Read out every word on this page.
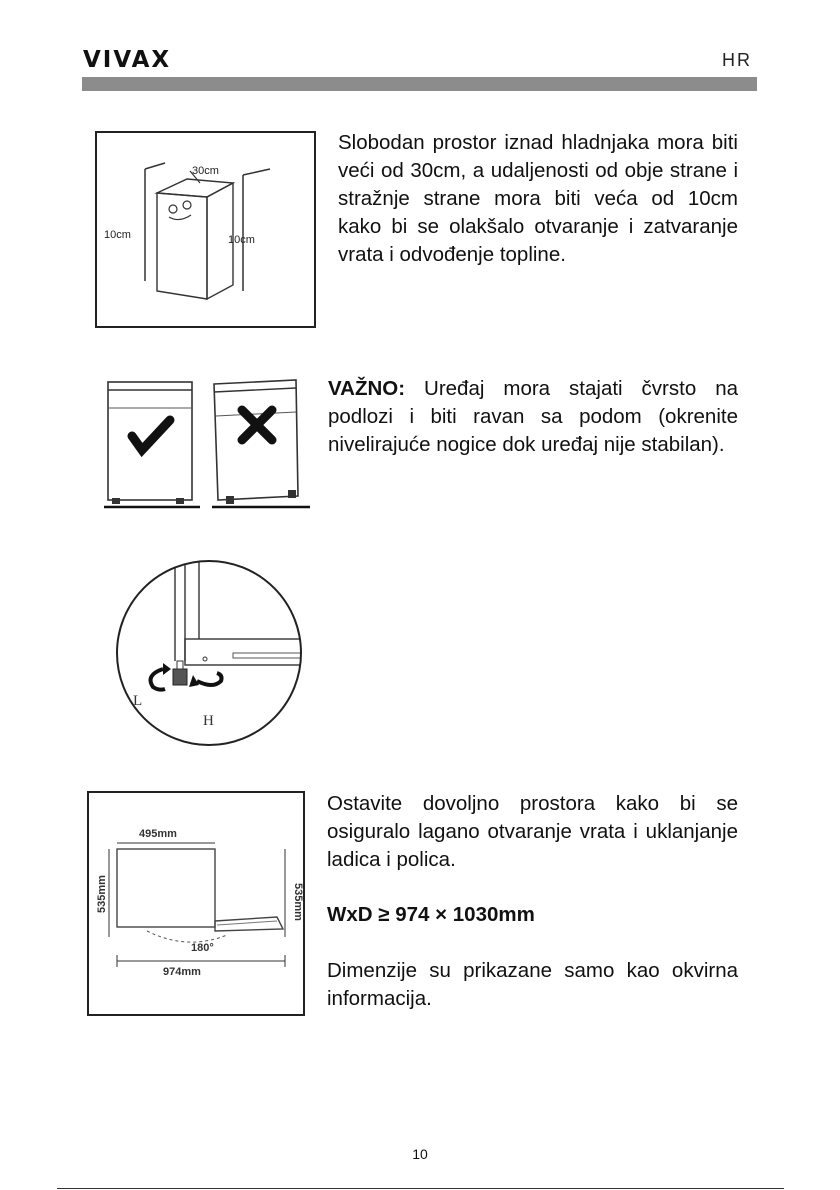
VIVAX	HR
30cm
10cm	10cm

Slobodan prostor iznad hladnjaka mora biti veći od 30cm, a udaljenosti od obje strane i stražnje strane mora biti veća od 10cm kako bi se olakšalo otvaranje i zatvaranje vrata i odvođenje topline.

VAŽNO: Uređaj mora stajati čvrsto na podlozi i biti ravan sa podom (okrenite nivelirajuće nogice dok uređaj nije stabilan).

L
H
495mm
535mm	535mm
180°
974mm

Ostavite dovoljno prostora kako bi se osiguralo lagano otvaranje vrata i uklanjanje ladica i polica.

WxD ≥ 974 × 1030mm

Dimenzije su prikazane samo kao okvirna informacija.

10
